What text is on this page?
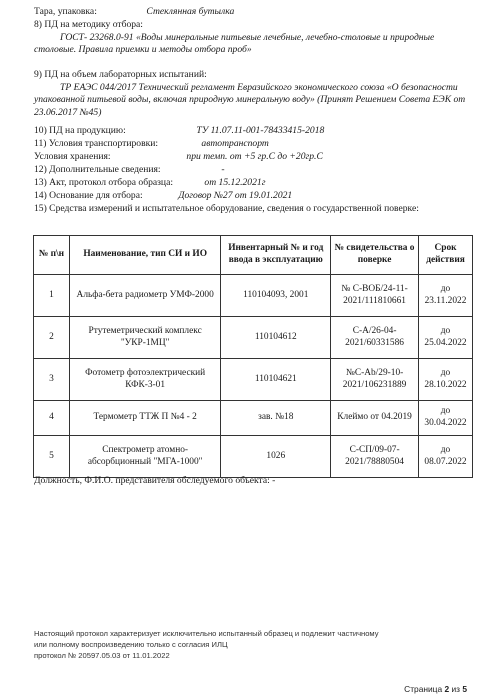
Тара, упаковка:	Стеклянная бутылка
8) ПД на методику отбора:
ГОСТ- 23268.0-91 «Воды минеральные питьевые лечебные, лечебно-столовые и природные столовые. Правила приемки и методы отбора проб»
9) ПД на объем лабораторных испытаний:
ТР ЕАЭС 044/2017 Технический регламент Евразийского экономического союза «О безопасности упакованной питьевой воды, включая природную минеральную воду» (Принят Решением Совета ЕЭК от 23.06.2017 №45)
10) ПД на продукцию:	ТУ 11.07.11-001-78433415-2018
11) Условия транспортировки:	автотранспорт
Условия хранения:	при темп. от +5 гр.С до +20гр.С
12) Дополнительные сведения:	-
13) Акт, протокол отбора образца:	от 15.12.2021г
14) Основание для отбора:	Договор №27 от 19.01.2021
15) Средства измерений и испытательное оборудование, сведения о государственной поверке:
№ п\н	Наименование, тип СИ и ИО	Инвентарный № и год ввода в эксплуатацию	№ свидетельства о поверке	Срок действия
1	Альфа-бета радиометр УМФ-2000	110104093, 2001	№ С-ВОБ/24-11-2021/111810661	до 23.11.2022
2	Ртутеметрический комплекс "УКР-1МЦ"	110104612	С-А/26-04-2021/60331586	до 25.04.2022
3	Фотометр фотоэлектрический КФК-3-01	110104621	№С-Аb/29-10-2021/106231889	до 28.10.2022
4	Термометр ТТЖ П №4 - 2	зав. №18	Клеймо от 04.2019	до 30.04.2022
5	Спектрометр атомно-абсорбционный "МГА-1000"	1026	С-СП/09-07-2021/78880504	до 08.07.2022
Должность, Ф.И.О. представителя обследуемого объекта: -
Настоящий протокол характеризует исключительно испытанный образец и подлежит частичному
или полному воспроизведению только с согласия ИЛЦ
протокол № 20597.05.03 от 11.01.2022
Страница 2 из 5
